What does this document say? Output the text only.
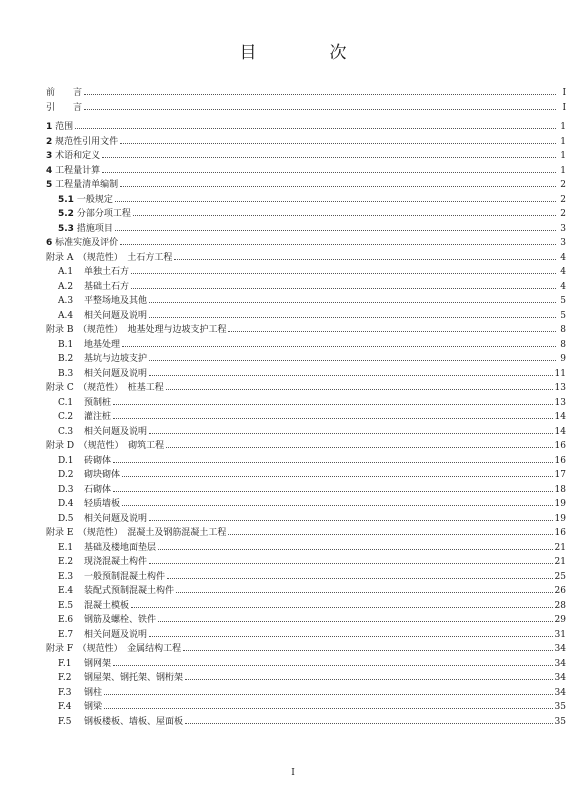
目　次
前　　言	Ⅰ
引　　言	Ⅰ
1 范围	1
2 规范性引用文件	1
3 术语和定义	1
4 工程量计算	1
5 工程量清单编制	2
5.1 一般规定	2
5.2 分部分项工程	2
5.3 措施项目	3
6 标准实施及评价	3
附录 A　（规范性）　土石方工程	4
A.1 单独土石方	4
A.2 基础土石方	4
A.3 平整场地及其他	5
A.4 相关问题及说明	5
附录 B　（规范性）　地基处理与边坡支护工程	8
B.1 地基处理	8
B.2 基坑与边坡支护	9
B.3 相关问题及说明	11
附录 C　（规范性）　桩基工程	13
C.1 预制桩	13
C.2 灌注桩	14
C.3 相关问题及说明	14
附录 D　（规范性）　砌筑工程	16
D.1 砖砌体	16
D.2 砌块砌体	17
D.3 石砌体	18
D.4 轻质墙板	19
D.5 相关问题及说明	19
附录 E　（规范性）　混凝土及钢筋混凝土工程	16
E.1 基础及楼地面垫层	21
E.2 现浇混凝土构件	21
E.3 一般预制混凝土构件	25
E.4 装配式预制混凝土构件	26
E.5 混凝土模板	28
E.6 钢筋及螺栓、铁件	29
E.7 相关问题及说明	31
附录 F　（规范性）　金属结构工程	34
F.1 钢网架	34
F.2 钢屋架、钢托架、钢桁架	34
F.3 钢柱	34
F.4 钢梁	35
F.5 钢板楼板、墙板、屋面板	35
I
